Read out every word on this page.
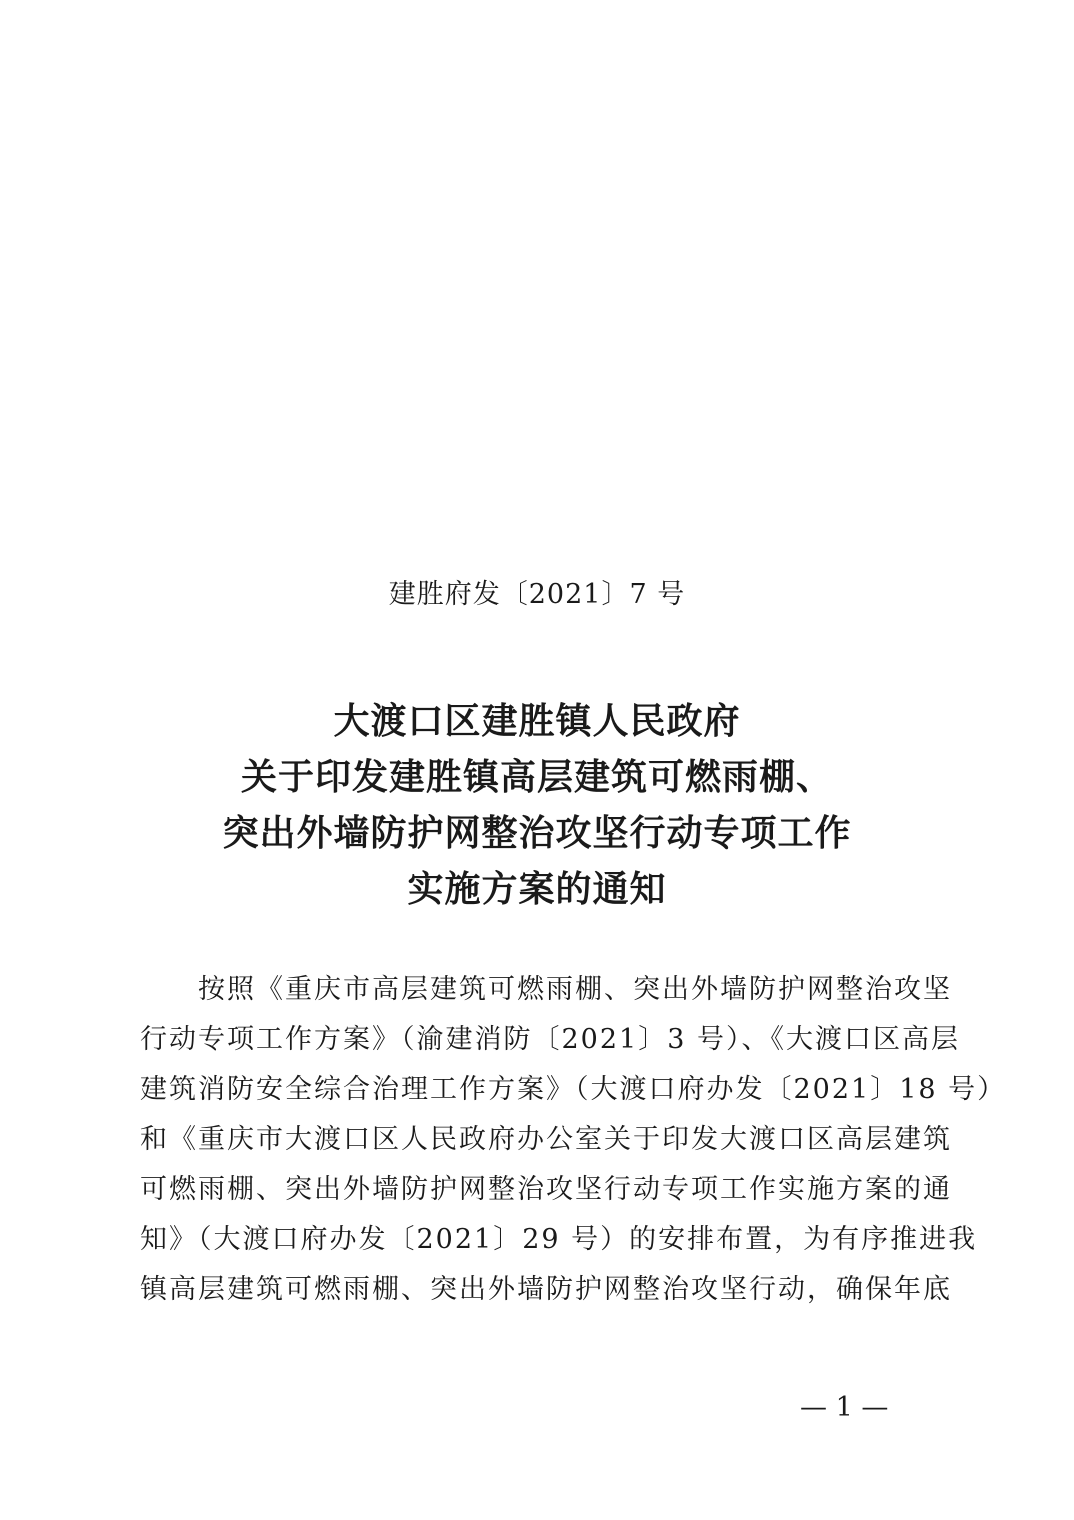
建胜府发〔2021〕7 号
大渡口区建胜镇人民政府
关于印发建胜镇高层建筑可燃雨棚、
突出外墙防护网整治攻坚行动专项工作
实施方案的通知
　　按照《重庆市高层建筑可燃雨棚、突出外墙防护网整治攻坚
行动专项工作方案》（渝建消防〔2021〕3 号）、《大渡口区高层
建筑消防安全综合治理工作方案》（大渡口府办发〔2021〕18 号）
和《重庆市大渡口区人民政府办公室关于印发大渡口区高层建筑
可燃雨棚、突出外墙防护网整治攻坚行动专项工作实施方案的通
知》（大渡口府办发〔2021〕29 号）的安排布置，为有序推进我
镇高层建筑可燃雨棚、突出外墙防护网整治攻坚行动，确保年底
— 1 —
